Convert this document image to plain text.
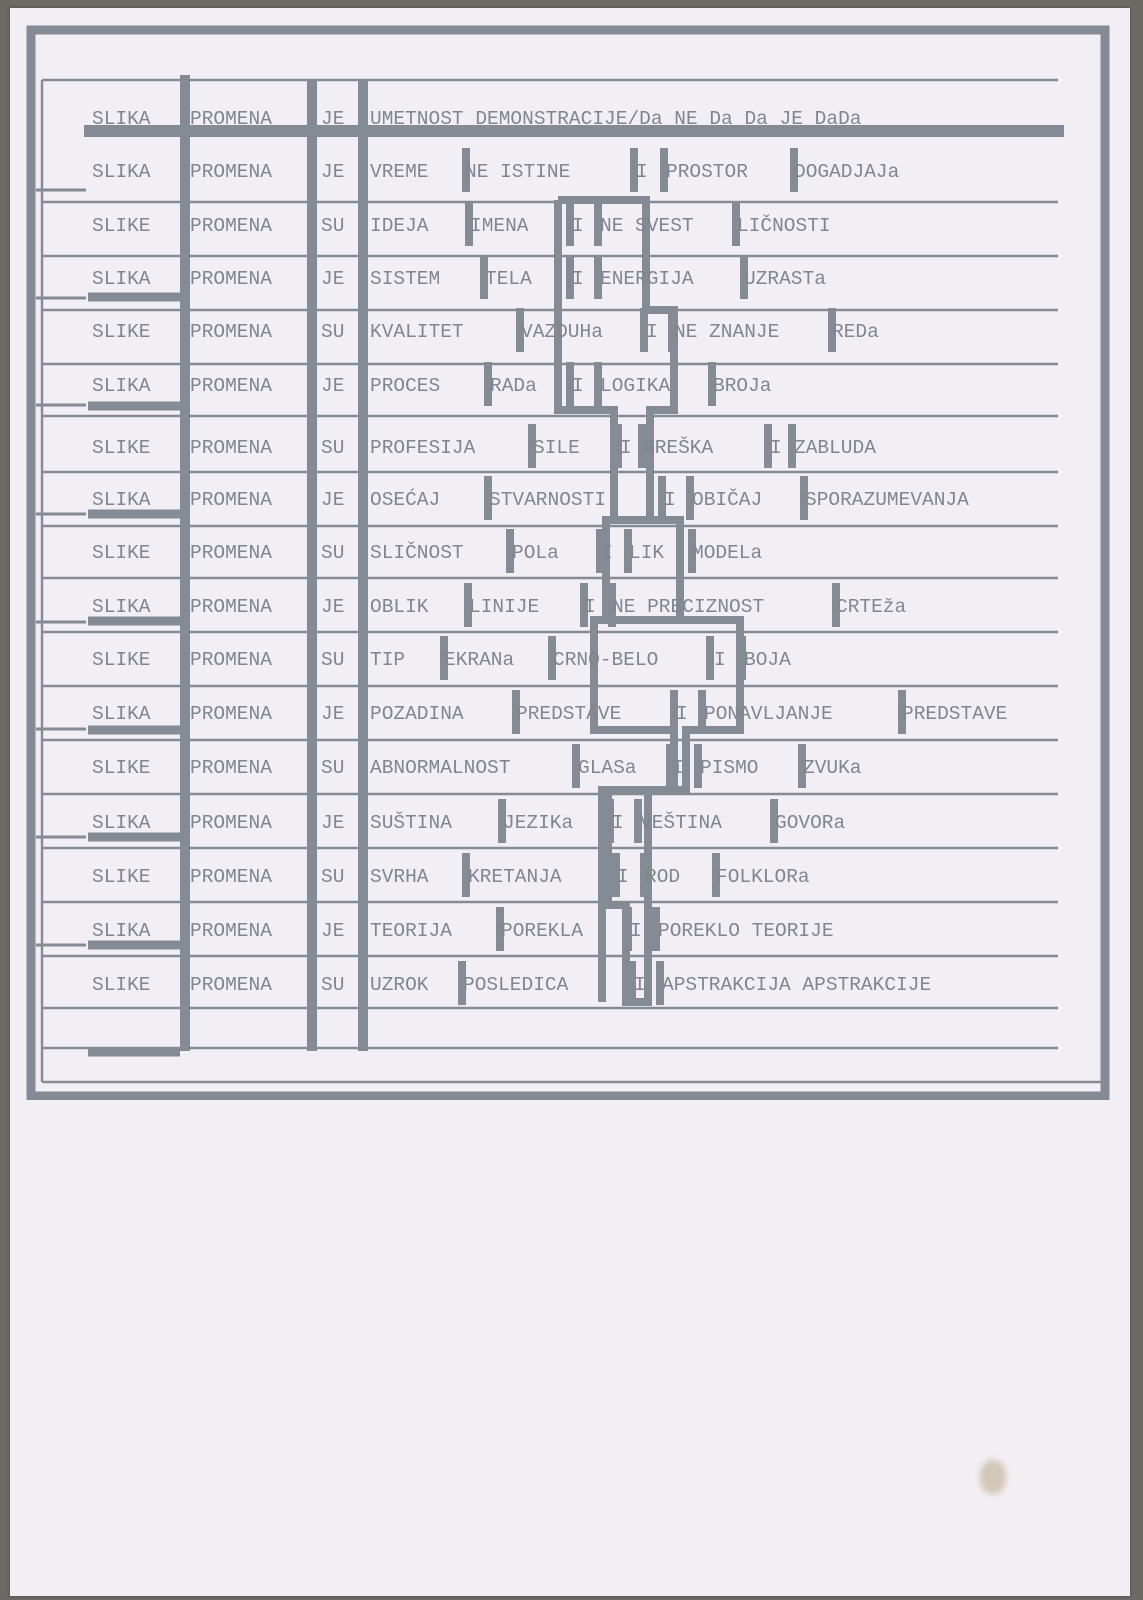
SLIKA PROMENA	JE UMETNOST DEMONSTRACIJE/Da NE Da Da JE DaDa
SLIKA PROMENA	JE VREME NE ISTINE	I PROSTOR DOGADJAJa
SLIKE PROMENA	SU IDEJA IMENA I NE SVEST LIČNOSTI
SLIKA PROMENA	JE SISTEM TELA I ENERGIJA	UZRASTa
SLIKE PROMENA	SU KVALITET	VAZDUHa I NE ZNANJE	REDa
SLIKA PROMENA	JE PROCES	RADa I LOGIKA BROJa
SLIKE PROMENA	SU PROFESIJA	SILE I GREŠKA	I ZABLUDA
SLIKA PROMENA	JE OSEĆAJ	STVARNOSTI	I OBIČAJ SPORAZUMEVANJA
SLIKE PROMENA	SU SLIČNOST POLa I LIK MODELa
SLIKA PROMENA	JE OBLIK LINIJE I NE PRECIZNOST	CRTEža
SLIKE PROMENA	SU TIP EKRANa CRNO-BELO	I BOJA
SLIKA PROMENA	JE POZADINA	PREDSTAVE	I PONAVLJANJE	PREDSTAVE
SLIKE PROMENA	SU ABNORMALNOST	GLASa I PISMO ZVUKa
SLIKA PROMENA	JE SUŠTINA	JEZIKa I VEŠTINA	GOVORa
SLIKE PROMENA	SU SVRHA KRETANJA	I ROD FOLKLORa
SLIKA PROMENA	JE TEORIJA	POREKLA I POREKLO TEORIJE
SLIKE PROMENA	SU UZROK POSLEDICA	I APSTRAKCIJA APSTRAKCIJE
